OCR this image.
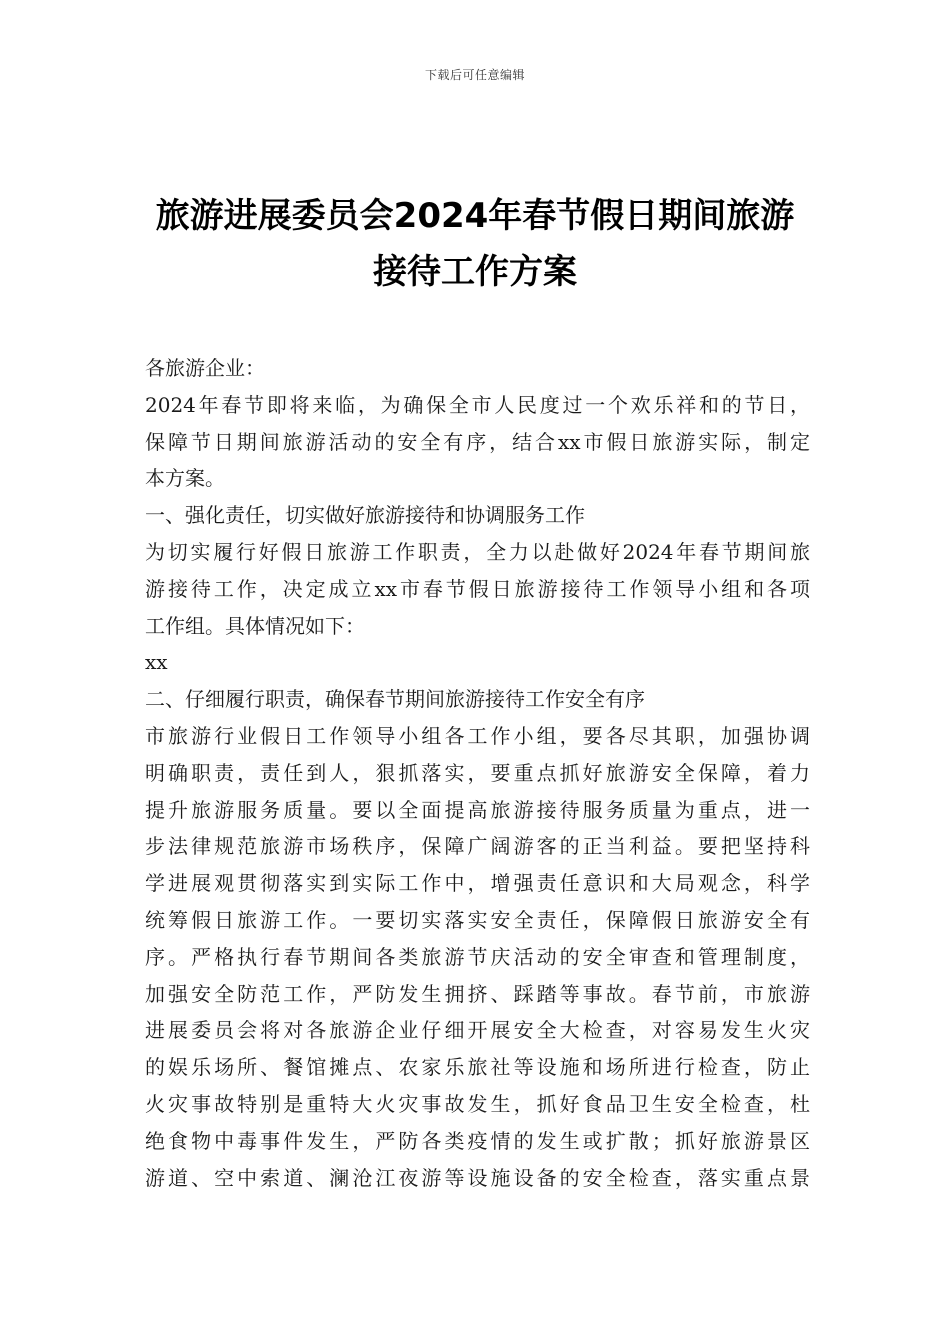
下载后可任意编辑
旅游进展委员会2024年春节假日期间旅游
接待工作方案
各旅游企业：
2024年春节即将来临，为确保全市人民度过一个欢乐祥和的节日，
保障节日期间旅游活动的安全有序，结合xx市假日旅游实际，制定
本方案。
一、强化责任，切实做好旅游接待和协调服务工作
为切实履行好假日旅游工作职责，全力以赴做好2024年春节期间旅
游接待工作，决定成立xx市春节假日旅游接待工作领导小组和各项
工作组。具体情况如下：
xx
二、仔细履行职责，确保春节期间旅游接待工作安全有序
市旅游行业假日工作领导小组各工作小组，要各尽其职，加强协调
明确职责，责任到人，狠抓落实，要重点抓好旅游安全保障，着力
提升旅游服务质量。要以全面提高旅游接待服务质量为重点，进一
步法律规范旅游市场秩序，保障广阔游客的正当利益。要把坚持科
学进展观贯彻落实到实际工作中，增强责任意识和大局观念，科学
统筹假日旅游工作。一要切实落实安全责任，保障假日旅游安全有
序。严格执行春节期间各类旅游节庆活动的安全审查和管理制度，
加强安全防范工作，严防发生拥挤、踩踏等事故。春节前，市旅游
进展委员会将对各旅游企业仔细开展安全大检查，对容易发生火灾
的娱乐场所、餐馆摊点、农家乐旅社等设施和场所进行检查，防止
火灾事故特别是重特大火灾事故发生，抓好食品卫生安全检查，杜
绝食物中毒事件发生，严防各类疫情的发生或扩散；抓好旅游景区
游道、空中索道、澜沧江夜游等设施设备的安全检查，落实重点景
